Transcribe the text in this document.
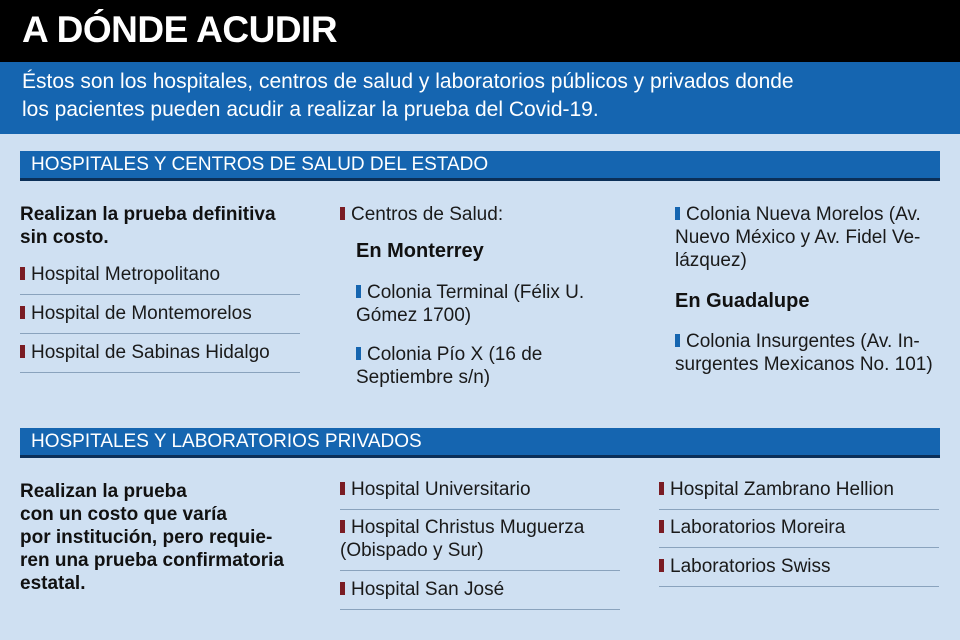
A DÓNDE ACUDIR
Éstos son los hospitales, centros de salud y laboratorios públicos y privados donde
los pacientes pueden acudir a realizar la prueba del Covid-19.
HOSPITALES Y CENTROS DE SALUD DEL ESTADO
Realizan la prueba definitiva
sin costo.
Hospital Metropolitano
Hospital de Montemorelos
Hospital de Sabinas Hidalgo
Centros de Salud:
En Monterrey
Colonia Terminal (Félix U.
Gómez 1700)
Colonia Pío X (16 de
Septiembre s/n)
Colonia Nueva Morelos (Av.
Nuevo México y Av. Fidel Ve-
lázquez)
En Guadalupe
Colonia Insurgentes (Av. In-
surgentes Mexicanos No. 101)
HOSPITALES Y LABORATORIOS PRIVADOS
Realizan la prueba
con un costo que varía
por institución, pero requie-
ren una prueba confirmatoria
estatal.
Hospital Universitario
Hospital Christus Muguerza
(Obispado y Sur)
Hospital San José
Hospital Zambrano Hellion
Laboratorios Moreira
Laboratorios Swiss
